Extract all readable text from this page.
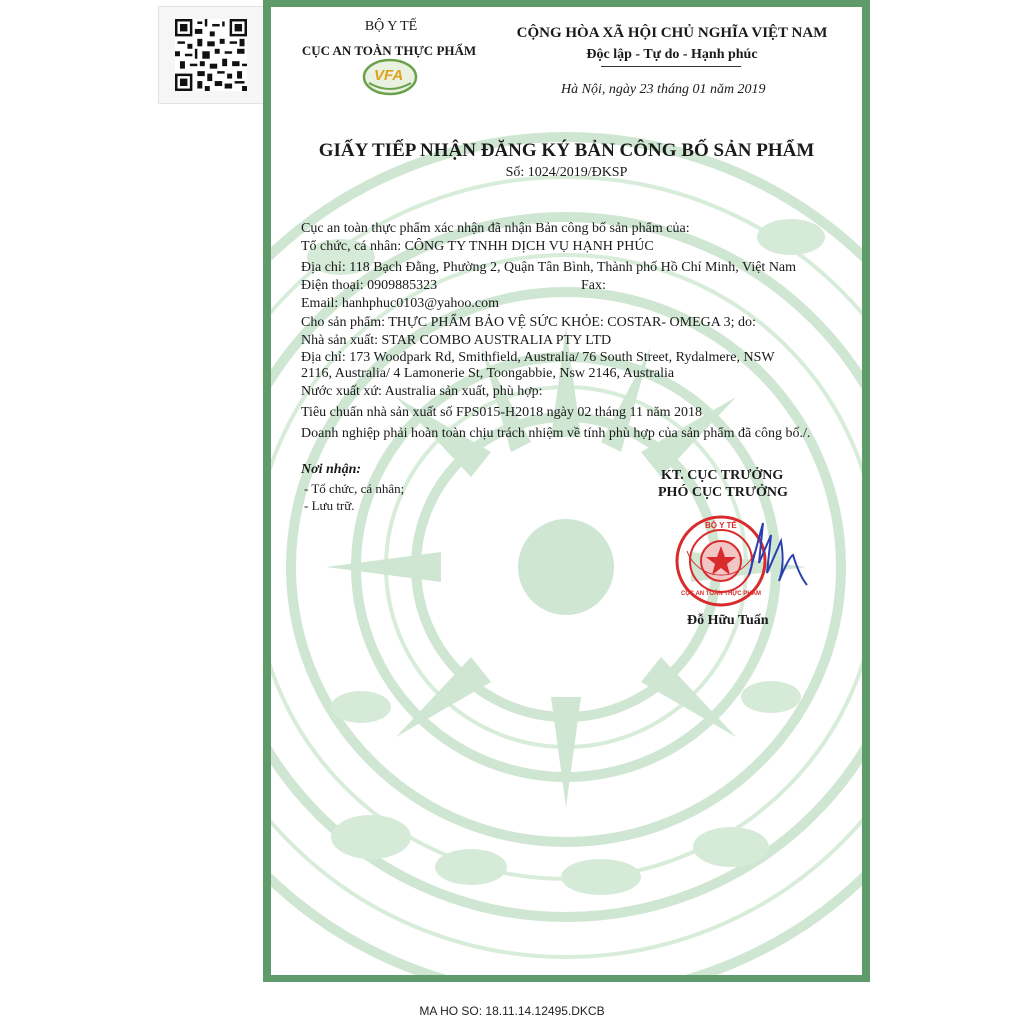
BỘ Y TẾ
CỤC AN TOÀN THỰC PHẨM
VFA
CỘNG HÒA XÃ HỘI CHỦ NGHĨA VIỆT NAM
Độc lập - Tự do - Hạnh phúc
Hà Nội, ngày 23 tháng 01 năm 2019
GIẤY TIẾP NHẬN ĐĂNG KÝ BẢN CÔNG BỐ SẢN PHẨM
Số: 1024/2019/ĐKSP
Cục an toàn thực phẩm xác nhận đã nhận Bản công bố sản phẩm của:
Tổ chức, cá nhân: CÔNG TY TNHH DỊCH VỤ HẠNH PHÚC
Địa chỉ: 118 Bạch Đằng, Phường 2, Quận Tân Bình, Thành phố Hồ Chí Minh, Việt Nam
Điện thoại: 0909885323	Fax:
Email: hanhphuc0103@yahoo.com
Cho sản phẩm: THỰC PHẨM BẢO VỆ SỨC KHỎE: COSTAR- OMEGA 3; do:
Nhà sản xuất: STAR COMBO AUSTRALIA PTY LTD
Địa chỉ: 173 Woodpark Rd, Smithfield, Australia/ 76 South Street, Rydalmere, NSW
2116, Australia/ 4 Lamonerie St, Toongabbie, Nsw 2146, Australia
Nước xuất xứ: Australia sản xuất, phù hợp:
Tiêu chuẩn nhà sản xuất số FPS015-H2018 ngày 02 tháng 11 năm 2018
Doanh nghiệp phải hoàn toàn chịu trách nhiệm về tính phù hợp của sản phẩm đã công bố./.
Nơi nhận:
- Tổ chức, cá nhân;
- Lưu trữ.
KT. CỤC TRƯỞNG
PHÓ CỤC TRƯỞNG
BỘ Y TẾ
CỤC AN TOÀN THỰC PHẨM
Đỗ Hữu Tuấn
MA HO SO: 18.11.14.12495.DKCB
